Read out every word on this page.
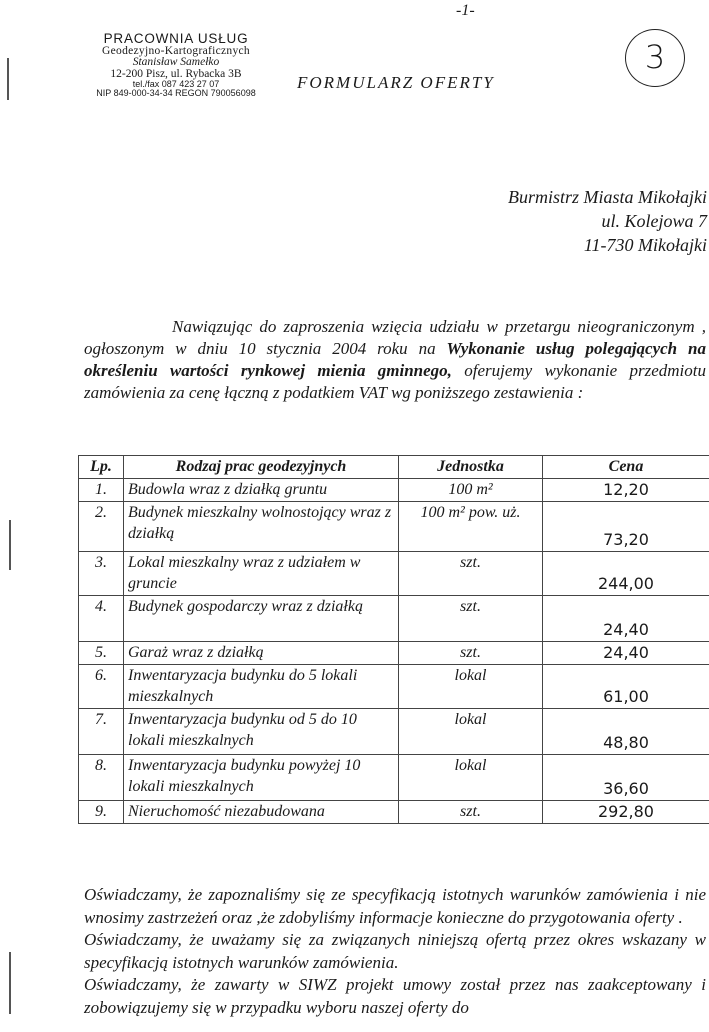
-1-
PRACOWNIA USŁUG
Geodezyjno-Kartograficznych
Stanisław Samełko
12-200 Pisz, ul. Rybacka 3B
tel./fax 087 423 27 07
NIP 849-000-34-34 REGON 790056098
FORMULARZ OFERTY
3
Burmistrz Miasta Mikołajki
ul. Kolejowa 7
11-730 Mikołajki
Nawiązując do zaproszenia wzięcia udziału w przetargu nieograniczonym , ogłoszonym w dniu 10 stycznia 2004 roku na Wykonanie usług polegających na określeniu wartości rynkowej mienia gminnego, oferujemy wykonanie przedmiotu zamówienia za cenę łączną z podatkiem VAT wg poniższego zestawienia :
Lp.	Rodzaj prac geodezyjnych	Jednostka	Cena
1.	Budowla wraz z działką gruntu	100 m²	12,20
2.	Budynek mieszkalny wolnostojący wraz z działką	100 m² pow. uż.	73,20
3.	Lokal mieszkalny wraz z udziałem w gruncie	szt.	244,00
4.	Budynek gospodarczy wraz z działką	szt.	24,40
5.	Garaż wraz z działką	szt.	24,40
6.	Inwentaryzacja budynku do 5 lokali mieszkalnych	lokal	61,00
7.	Inwentaryzacja budynku od 5 do 10 lokali mieszkalnych	lokal	48,80
8.	Inwentaryzacja budynku powyżej 10 lokali mieszkalnych	lokal	36,60
9.	Nieruchomość niezabudowana	szt.	292,80
Oświadczamy, że zapoznaliśmy się ze specyfikacją istotnych warunków zamówienia i nie wnosimy zastrzeżeń oraz ,że zdobyliśmy informacje konieczne do przygotowania oferty .
Oświadczamy, że uważamy się za związanych niniejszą ofertą przez okres wskazany w specyfikacją istotnych warunków zamówienia.
Oświadczamy, że zawarty w SIWZ projekt umowy został przez nas zaakceptowany i zobowiązujemy się w przypadku wyboru naszej oferty do
